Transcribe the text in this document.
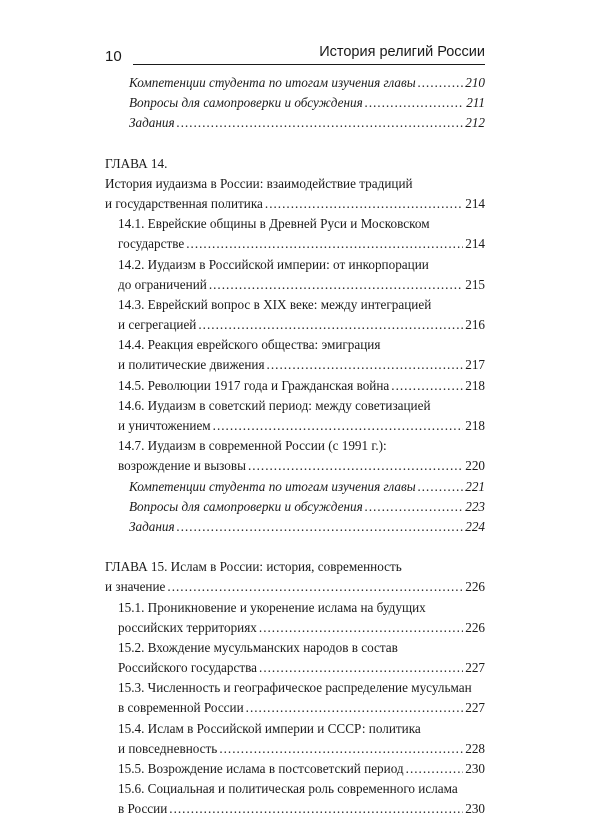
10	История религий России
Компетенции студента по итогам изучения главы .....	210
Вопросы для самопроверки и обсуждения .....	211
Задания .....	212
ГЛАВА 14.
История иудаизма в России: взаимодействие традиций
и государственная политика .....	214
14.1. Еврейские общины в Древней Руси и Московском
государстве .....	214
14.2. Иудаизм в Российской империи: от инкорпорации
до ограничений .....	215
14.3. Еврейский вопрос в XIX веке: между интеграцией
и сегрегацией .....	216
14.4. Реакция еврейского общества: эмиграция
и политические движения .....	217
14.5. Революции 1917 года и Гражданская война .....	218
14.6. Иудаизм в советский период: между советизацией
и уничтожением .....	218
14.7. Иудаизм в современной России (с 1991 г.):
возрождение и вызовы .....	220
Компетенции студента по итогам изучения главы .....	221
Вопросы для самопроверки и обсуждения .....	223
Задания .....	224
ГЛАВА 15. Ислам в России: история, современность
и значение .....	226
15.1. Проникновение и укоренение ислама на будущих
российских территориях .....	226
15.2. Вхождение мусульманских народов в состав
Российского государства .....	227
15.3. Численность и географическое распределение мусульман
в современной России .....	227
15.4. Ислам в Российской империи и СССР: политика
и повседневность .....	228
15.5. Возрождение ислама в постсоветский период .....	230
15.6. Социальная и политическая роль современного ислама
в России .....	230
